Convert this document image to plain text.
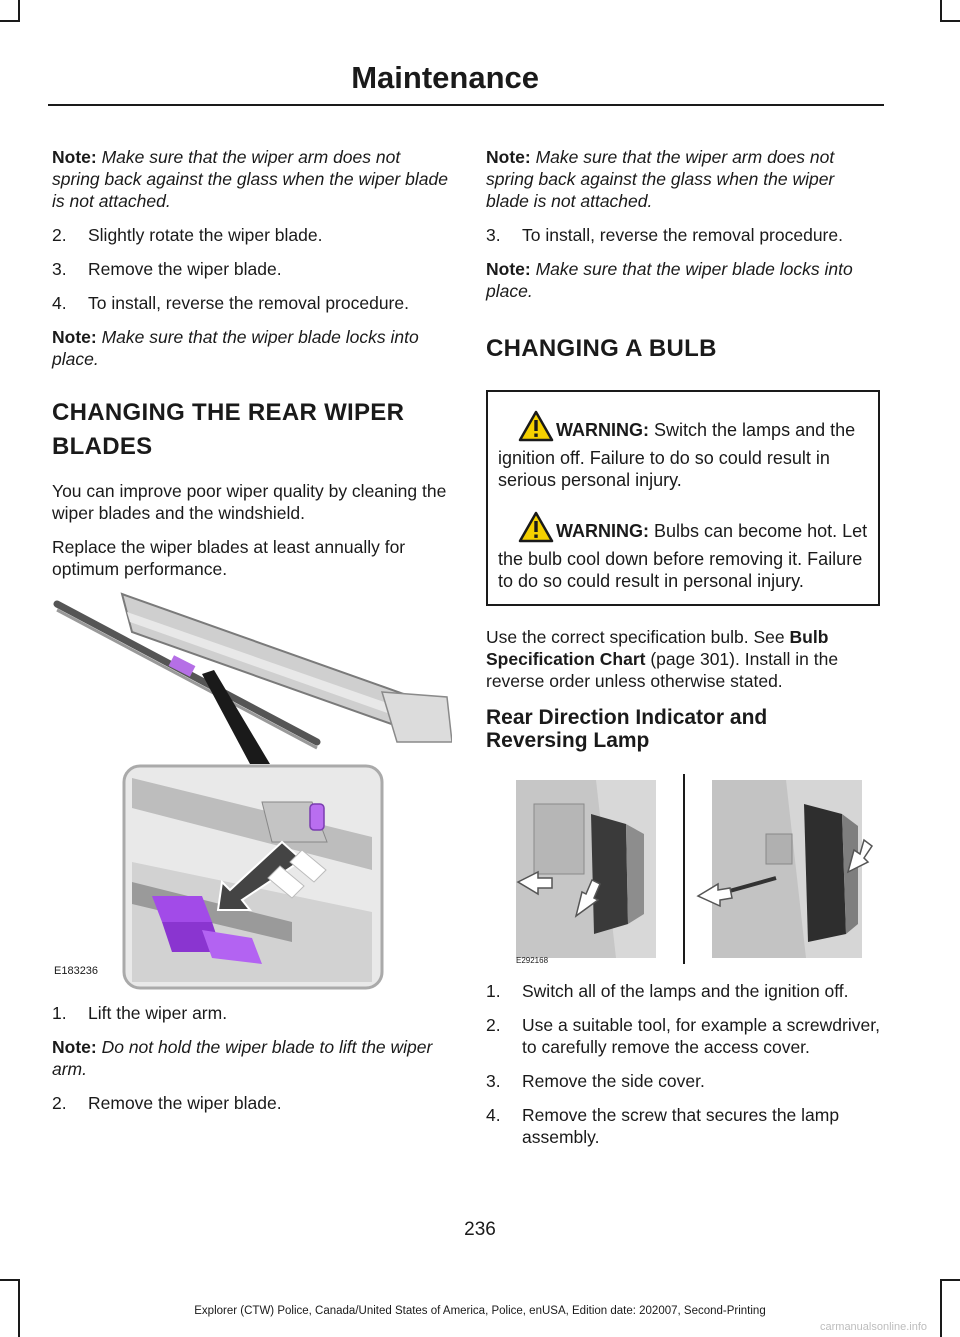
Maintenance

Note: Make sure that the wiper arm does not spring back against the glass when the wiper blade is not attached.

2.	Slightly rotate the wiper blade.
3.	Remove the wiper blade.
4.	To install, reverse the removal procedure.

Note: Make sure that the wiper blade locks into place.

CHANGING THE REAR WIPER
BLADES

You can improve poor wiper quality by cleaning the wiper blades and the windshield.

Replace the wiper blades at least annually for optimum performance.

E183236
1.	Lift the wiper arm.

Note: Do not hold the wiper blade to lift the wiper arm.

2.	Remove the wiper blade.

Note: Make sure that the wiper arm does not spring back against the glass when the wiper blade is not attached.

3.	To install, reverse the removal procedure.

Note: Make sure that the wiper blade locks into place.

CHANGING A BULB

WARNING: Switch the lamps and the ignition off. Failure to do so could result in serious personal injury.

WARNING: Bulbs can become hot. Let the bulb cool down before removing it. Failure to do so could result in personal injury.

Use the correct specification bulb. See Bulb Specification Chart (page 301). Install in the reverse order unless otherwise stated.

Rear Direction Indicator and
Reversing Lamp
E292168
1.	Switch all of the lamps and the ignition off.
2.	Use a suitable tool, for example a screwdriver, to carefully remove the access cover.
3.	Remove the side cover.
4.	Remove the screw that secures the lamp assembly.
236
Explorer (CTW) Police, Canada/United States of America, Police, enUSA, Edition date: 202007, Second-Printing
carmanualsonline.info
